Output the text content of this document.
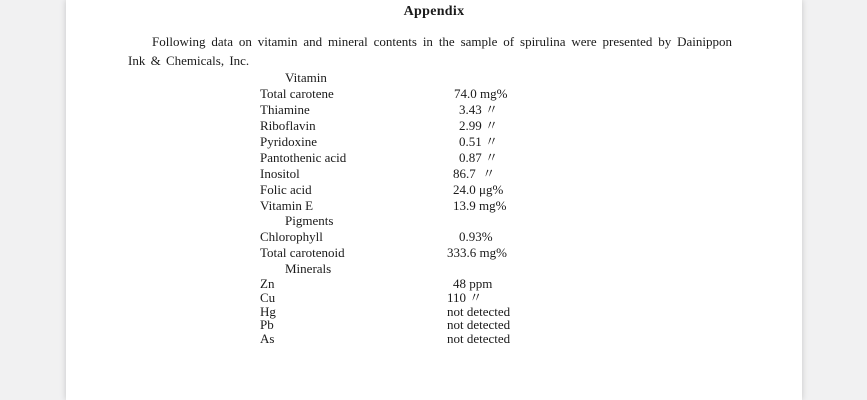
Appendix
Following data on vitamin and mineral contents in the sample of spirulina were presented by Dainippon Ink & Chemicals, Inc.
Vitamin
Total carotene	74.0 mg%
Thiamine	3.43 〃
Riboflavin	2.99 〃
Pyridoxine	0.51 〃
Pantothenic acid	0.87 〃
Inositol	86.7  〃
Folic acid	24.0 μg%
Vitamin E	13.9 mg%
Pigments
Chlorophyll	0.93%
Total carotenoid	333.6 mg%
Minerals
Zn	48 ppm
Cu	110 〃
Hg	not detected
Pb	not detected
As	not detected
